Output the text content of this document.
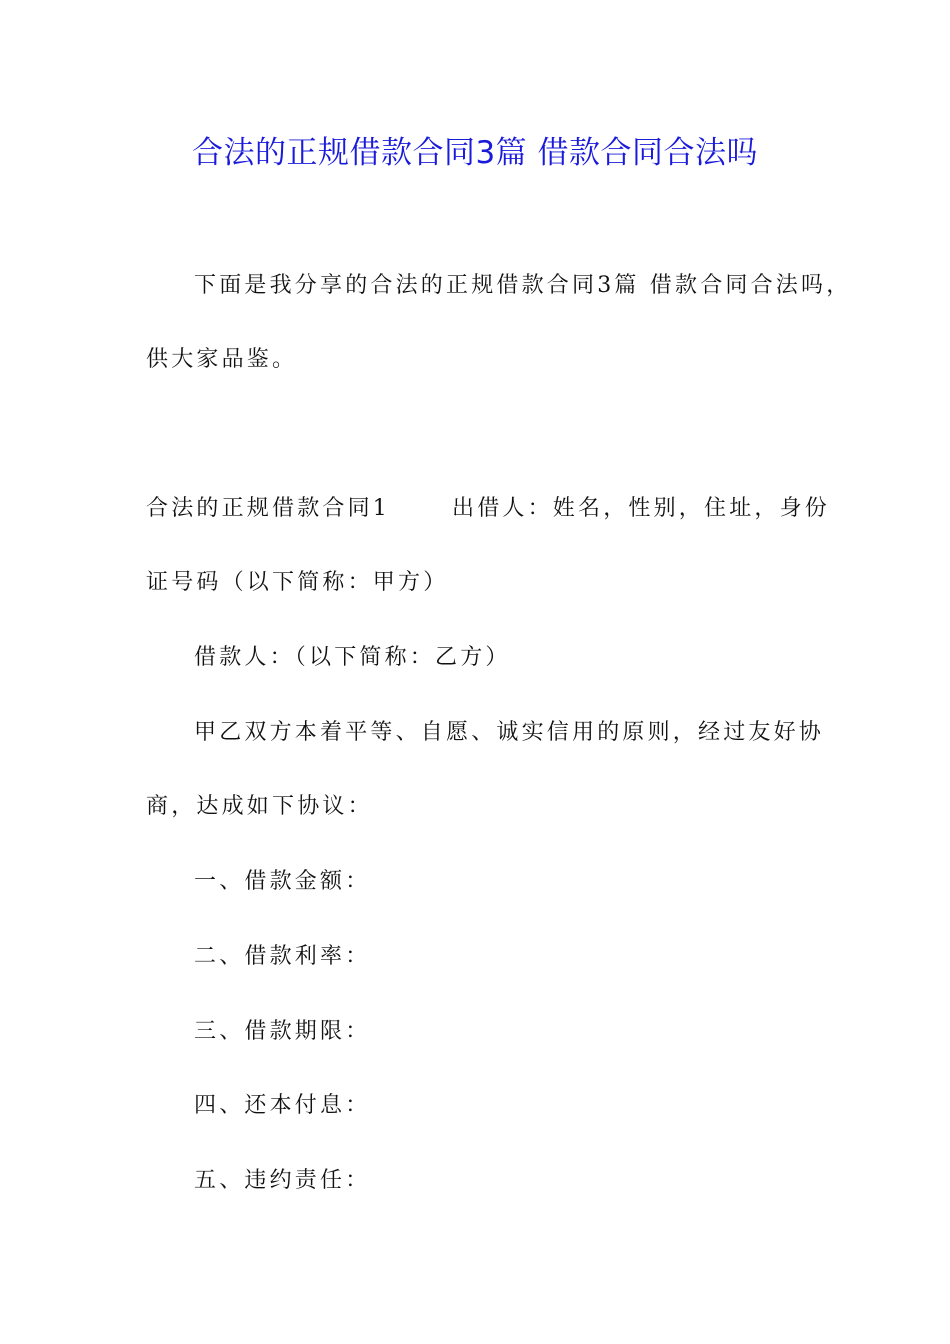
合法的正规借款合同3篇 借款合同合法吗
下面是我分享的合法的正规借款合同3篇 借款合同合法吗，
供大家品鉴。
合法的正规借款合同1	出借人：姓名，性别，住址，身份
证号码（以下简称：甲方）
借款人：（以下简称：乙方）
甲乙双方本着平等、自愿、诚实信用的原则，经过友好协
商，达成如下协议：
一、借款金额：
二、借款利率：
三、借款期限：
四、还本付息：
五、违约责任：
